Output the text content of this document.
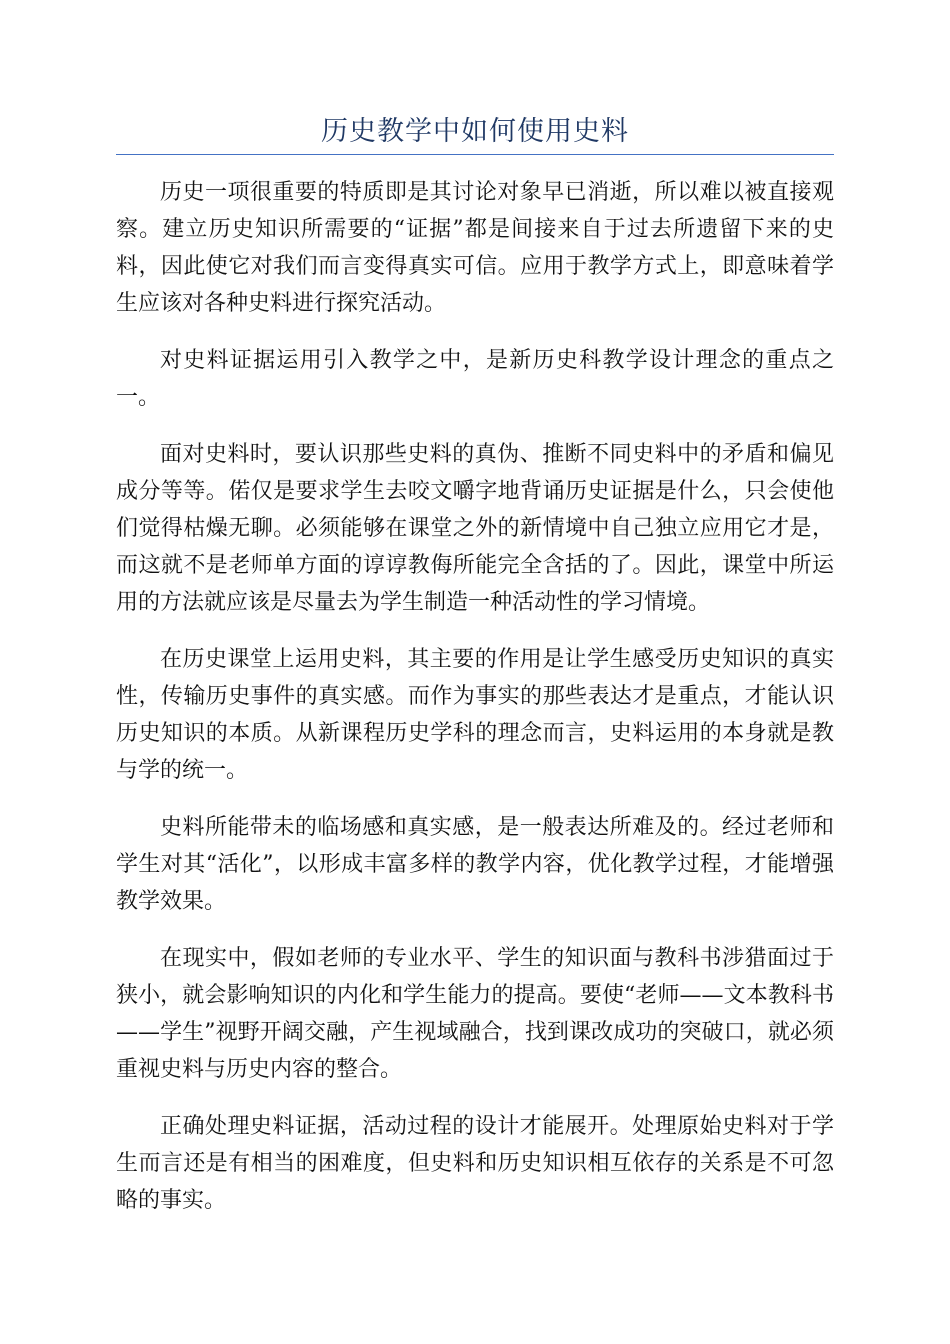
历史教学中如何使用史料

历史一项很重要的特质即是其讨论对象早已消逝，所以难以被直接观察。建立历史知识所需要的“证据”都是间接来自于过去所遗留下来的史料，因此使它对我们而言变得真实可信。应用于教学方式上，即意味着学生应该对各种史料进行探究活动。

对史料证据运用引入教学之中，是新历史科教学设计理念的重点之一。

面对史料时，要认识那些史料的真伪、推断不同史料中的矛盾和偏见成分等等。偌仅是要求学生去咬文嚼字地背诵历史证据是什么，只会使他们觉得枯燥无聊。必须能够在课堂之外的新情境中自己独立应用它才是，而这就不是老师单方面的谆谆教侮所能完全含括的了。因此，课堂中所运用的方法就应该是尽量去为学生制造一种活动性的学习情境。

在历史课堂上运用史料，其主要的作用是让学生感受历史知识的真实性，传输历史事件的真实感。而作为事实的那些表达才是重点，才能认识历史知识的本质。从新课程历史学科的理念而言，史料运用的本身就是教与学的统一。

史料所能带未的临场感和真实感，是一般表达所难及的。经过老师和学生对其“活化”，以形成丰富多样的教学内容，优化教学过程，才能增强教学效果。

在现实中，假如老师的专业水平、学生的知识面与教科书涉猎面过于狭小，就会影响知识的内化和学生能力的提高。要使“老师——文本教科书——学生”视野开阔交融，产生视域融合，找到课改成功的突破口，就必须重视史料与历史内容的整合。

正确处理史料证据，活动过程的设计才能展开。处理原始史料对于学生而言还是有相当的困难度，但史料和历史知识相互依存的关系是不可忽略的事实。
